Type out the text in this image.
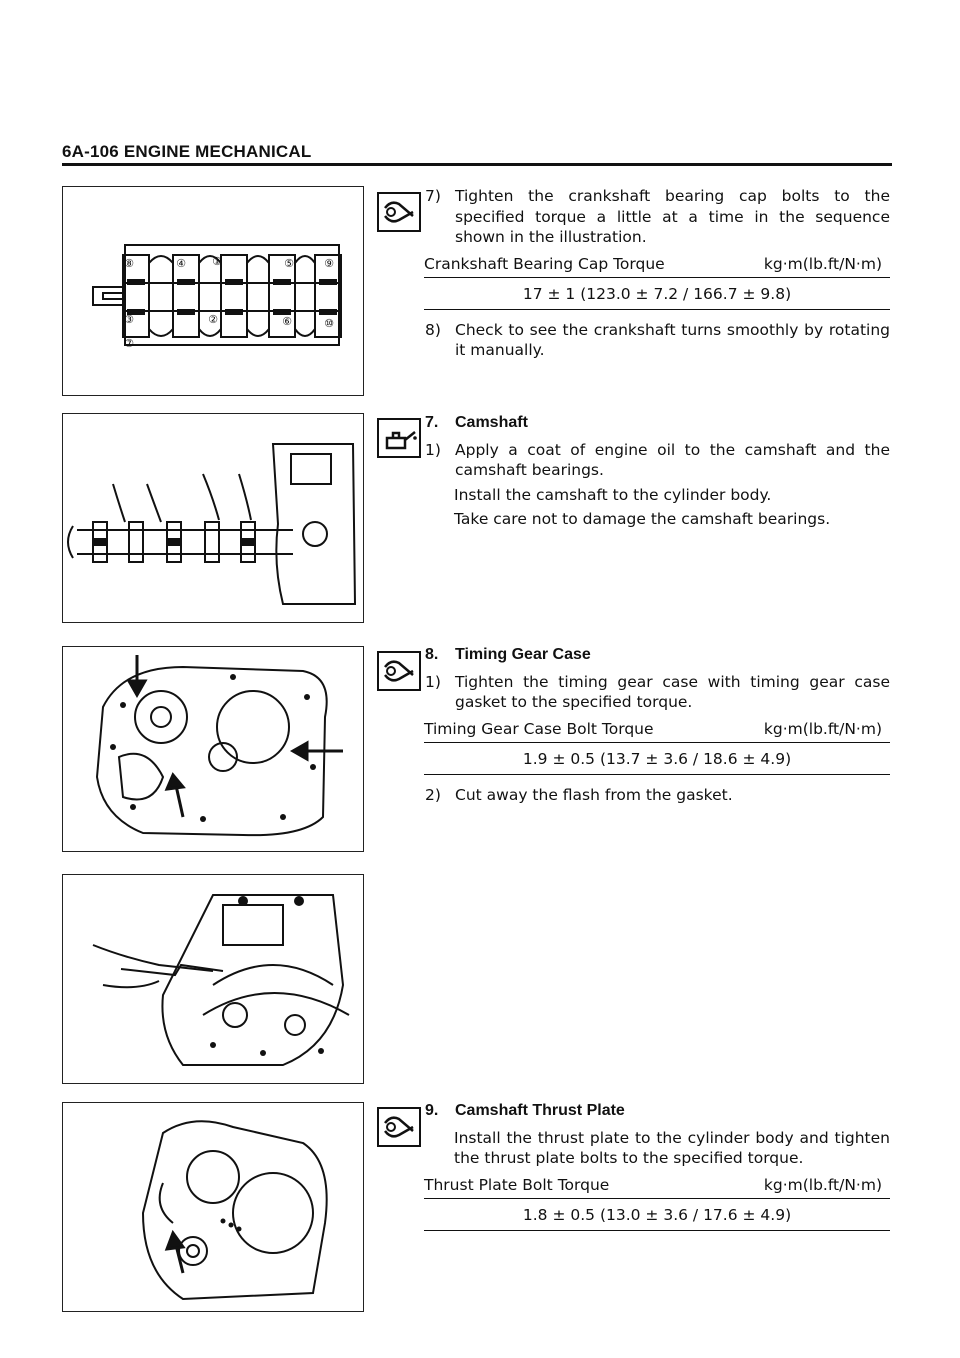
6A-106 ENGINE MECHANICAL
⑧	④ ①	⑤	⑨
③
⑦
②	⑥	⑩
7) Tighten the crankshaft bearing cap bolts to the specified torque a little at a time in the sequence shown in the illustration.
Crankshaft Bearing Cap Torque	kg·m(lb.ft/N·m)
17 ± 1 (123.0 ± 7.2 / 166.7 ± 9.8)
8) Check to see the crankshaft turns smoothly by rotating it manually.
7.	Camshaft
1) Apply a coat of engine oil to the camshaft and the camshaft bearings.
Install the camshaft to the cylinder body.
Take care not to damage the camshaft bearings.
8.	Timing Gear Case
1) Tighten the timing gear case with timing gear case gasket to the specified torque.
Timing Gear Case Bolt Torque	kg·m(lb.ft/N·m)
1.9 ± 0.5 (13.7 ± 3.6 / 18.6 ± 4.9)
2) Cut away the flash from the gasket.
9.	Camshaft Thrust Plate
Install the thrust plate to the cylinder body and tighten the thrust plate bolts to the specified torque.
Thrust Plate Bolt Torque	kg·m(lb.ft/N·m)
1.8 ± 0.5 (13.0 ± 3.6 / 17.6 ± 4.9)
